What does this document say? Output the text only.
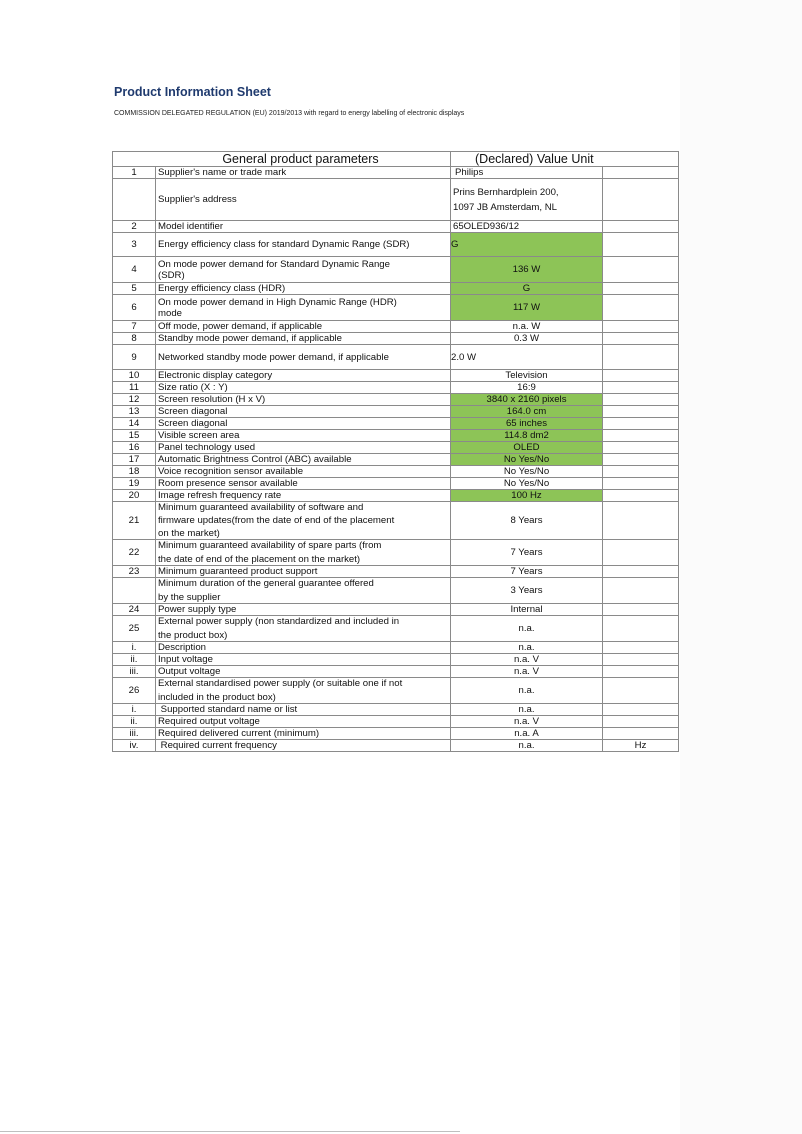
Product Information Sheet
COMMISSION DELEGATED REGULATION (EU) 2019/2013 with regard to energy labelling of electronic displays
General product parameters		(Declared) Value Unit	
1	Supplier's name or trade mark	Philips	
	Supplier's address	Prins Bernhardplein 200,
1097 JB Amsterdam, NL	

2	Model identifier	65OLED936/12	
3	Energy efficiency class for standard Dynamic Range (SDR)	G	
4	On mode power demand for Standard Dynamic Range
(SDR)	136 W	
5	Energy efficiency class (HDR)	G	
6	On mode power demand in High Dynamic Range (HDR)
mode	117 W	
7	Off mode, power demand, if applicable	n.a. W	
8	Standby mode power demand, if applicable	0.3 W	
9	Networked standby mode power demand, if applicable	2.0 W	
10	Electronic display category	Television	
11	Size ratio (X : Y)	16:9	
12	Screen resolution (H x V)	3840 x 2160 pixels	
13	Screen diagonal	164.0 cm	
14	Screen diagonal	65 inches	
15	Visible screen area	114.8 dm2	
16	Panel technology used	OLED	
17	Automatic Brightness Control (ABC) available	No Yes/No	
18	Voice recognition sensor available	No Yes/No	
19	Room presence sensor available	No Yes/No	
20	Image refresh frequency rate	100 Hz	
21	Minimum guaranteed availability of software and
firmware updates(from the date of end of the placement
on the market)	8 Years	
22	Minimum guaranteed availability of spare parts (from
the date of end of the placement on the market)	7 Years	
23	Minimum guaranteed product support	7 Years	

	Minimum duration of the general guarantee offered
by the supplier	3 Years	
24	Power supply type	Internal	
25	External power supply (non standardized and included in
the product box)	n.a.	
i.	Description	n.a.	
ii.	Input voltage	n.a. V	
iii.	Output voltage	n.a. V	
26	External standardised power supply (or suitable one if not
included in the product box)	n.a.	
i.	Supported standard name or list	n.a.	
ii.	Required output voltage	n.a. V	
iii.	Required delivered current (minimum)	n.a. A	
iv.	Required current frequency	n.a.	Hz
